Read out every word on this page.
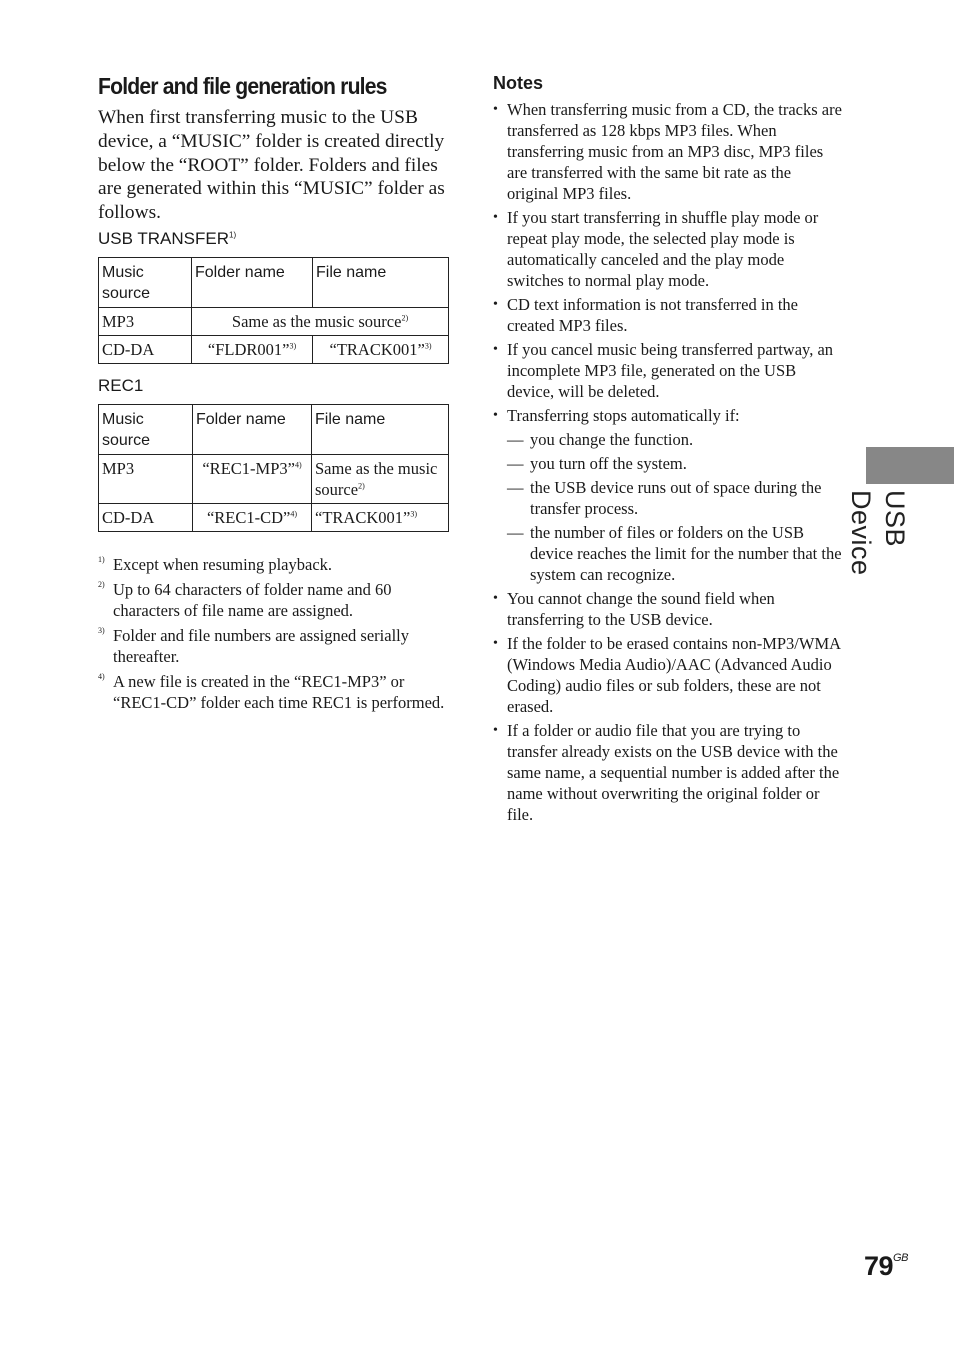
Folder and file generation rules

When first transferring music to the USB device, a “MUSIC” folder is created directly below the “ROOT” folder. Folders and files are generated within this “MUSIC” folder as follows.

USB TRANSFER$^{1)}$
Music source	Folder name	File name
MP3	Same as the music source$^{2)}$
CD-DA	“FLDR001”$^{3)}$	“TRACK001”$^{3)}$
REC1
Music source	Folder name	File name
MP3	“REC1-MP3”$^{4)}$	Same as the music source$^{2)}$
CD-DA	“REC1-CD”$^{4)}$	“TRACK001”$^{3)}$
1) Except when resuming playback.
2) Up to 64 characters of folder name and 60 characters of file name are assigned.
3) Folder and file numbers are assigned serially thereafter.
4) A new file is created in the “REC1-MP3” or “REC1-CD” folder each time REC1 is performed.
Notes
• When transferring music from a CD, the tracks are transferred as 128 kbps MP3 files. When transferring music from an MP3 disc, MP3 files are transferred with the same bit rate as the original MP3 files.
• If you start transferring in shuffle play mode or repeat play mode, the selected play mode is automatically canceled and the play mode switches to normal play mode.
• CD text information is not transferred in the created MP3 files.
• If you cancel music being transferred partway, an incomplete MP3 file, generated on the USB device, will be deleted.
• Transferring stops automatically if:
— you change the function.
— you turn off the system.
— the USB device runs out of space during the transfer process.
— the number of files or folders on the USB device reaches the limit for the number that the system can recognize.
• You cannot change the sound field when transferring to the USB device.
• If the folder to be erased contains non-MP3/WMA (Windows Media Audio)/AAC (Advanced Audio Coding) audio files or sub folders, these are not erased.
• If a folder or audio file that you are trying to transfer already exists on the USB device with the same name, a sequential number is added after the name without overwriting the original folder or file.
USB Device
$79^{GB}$
